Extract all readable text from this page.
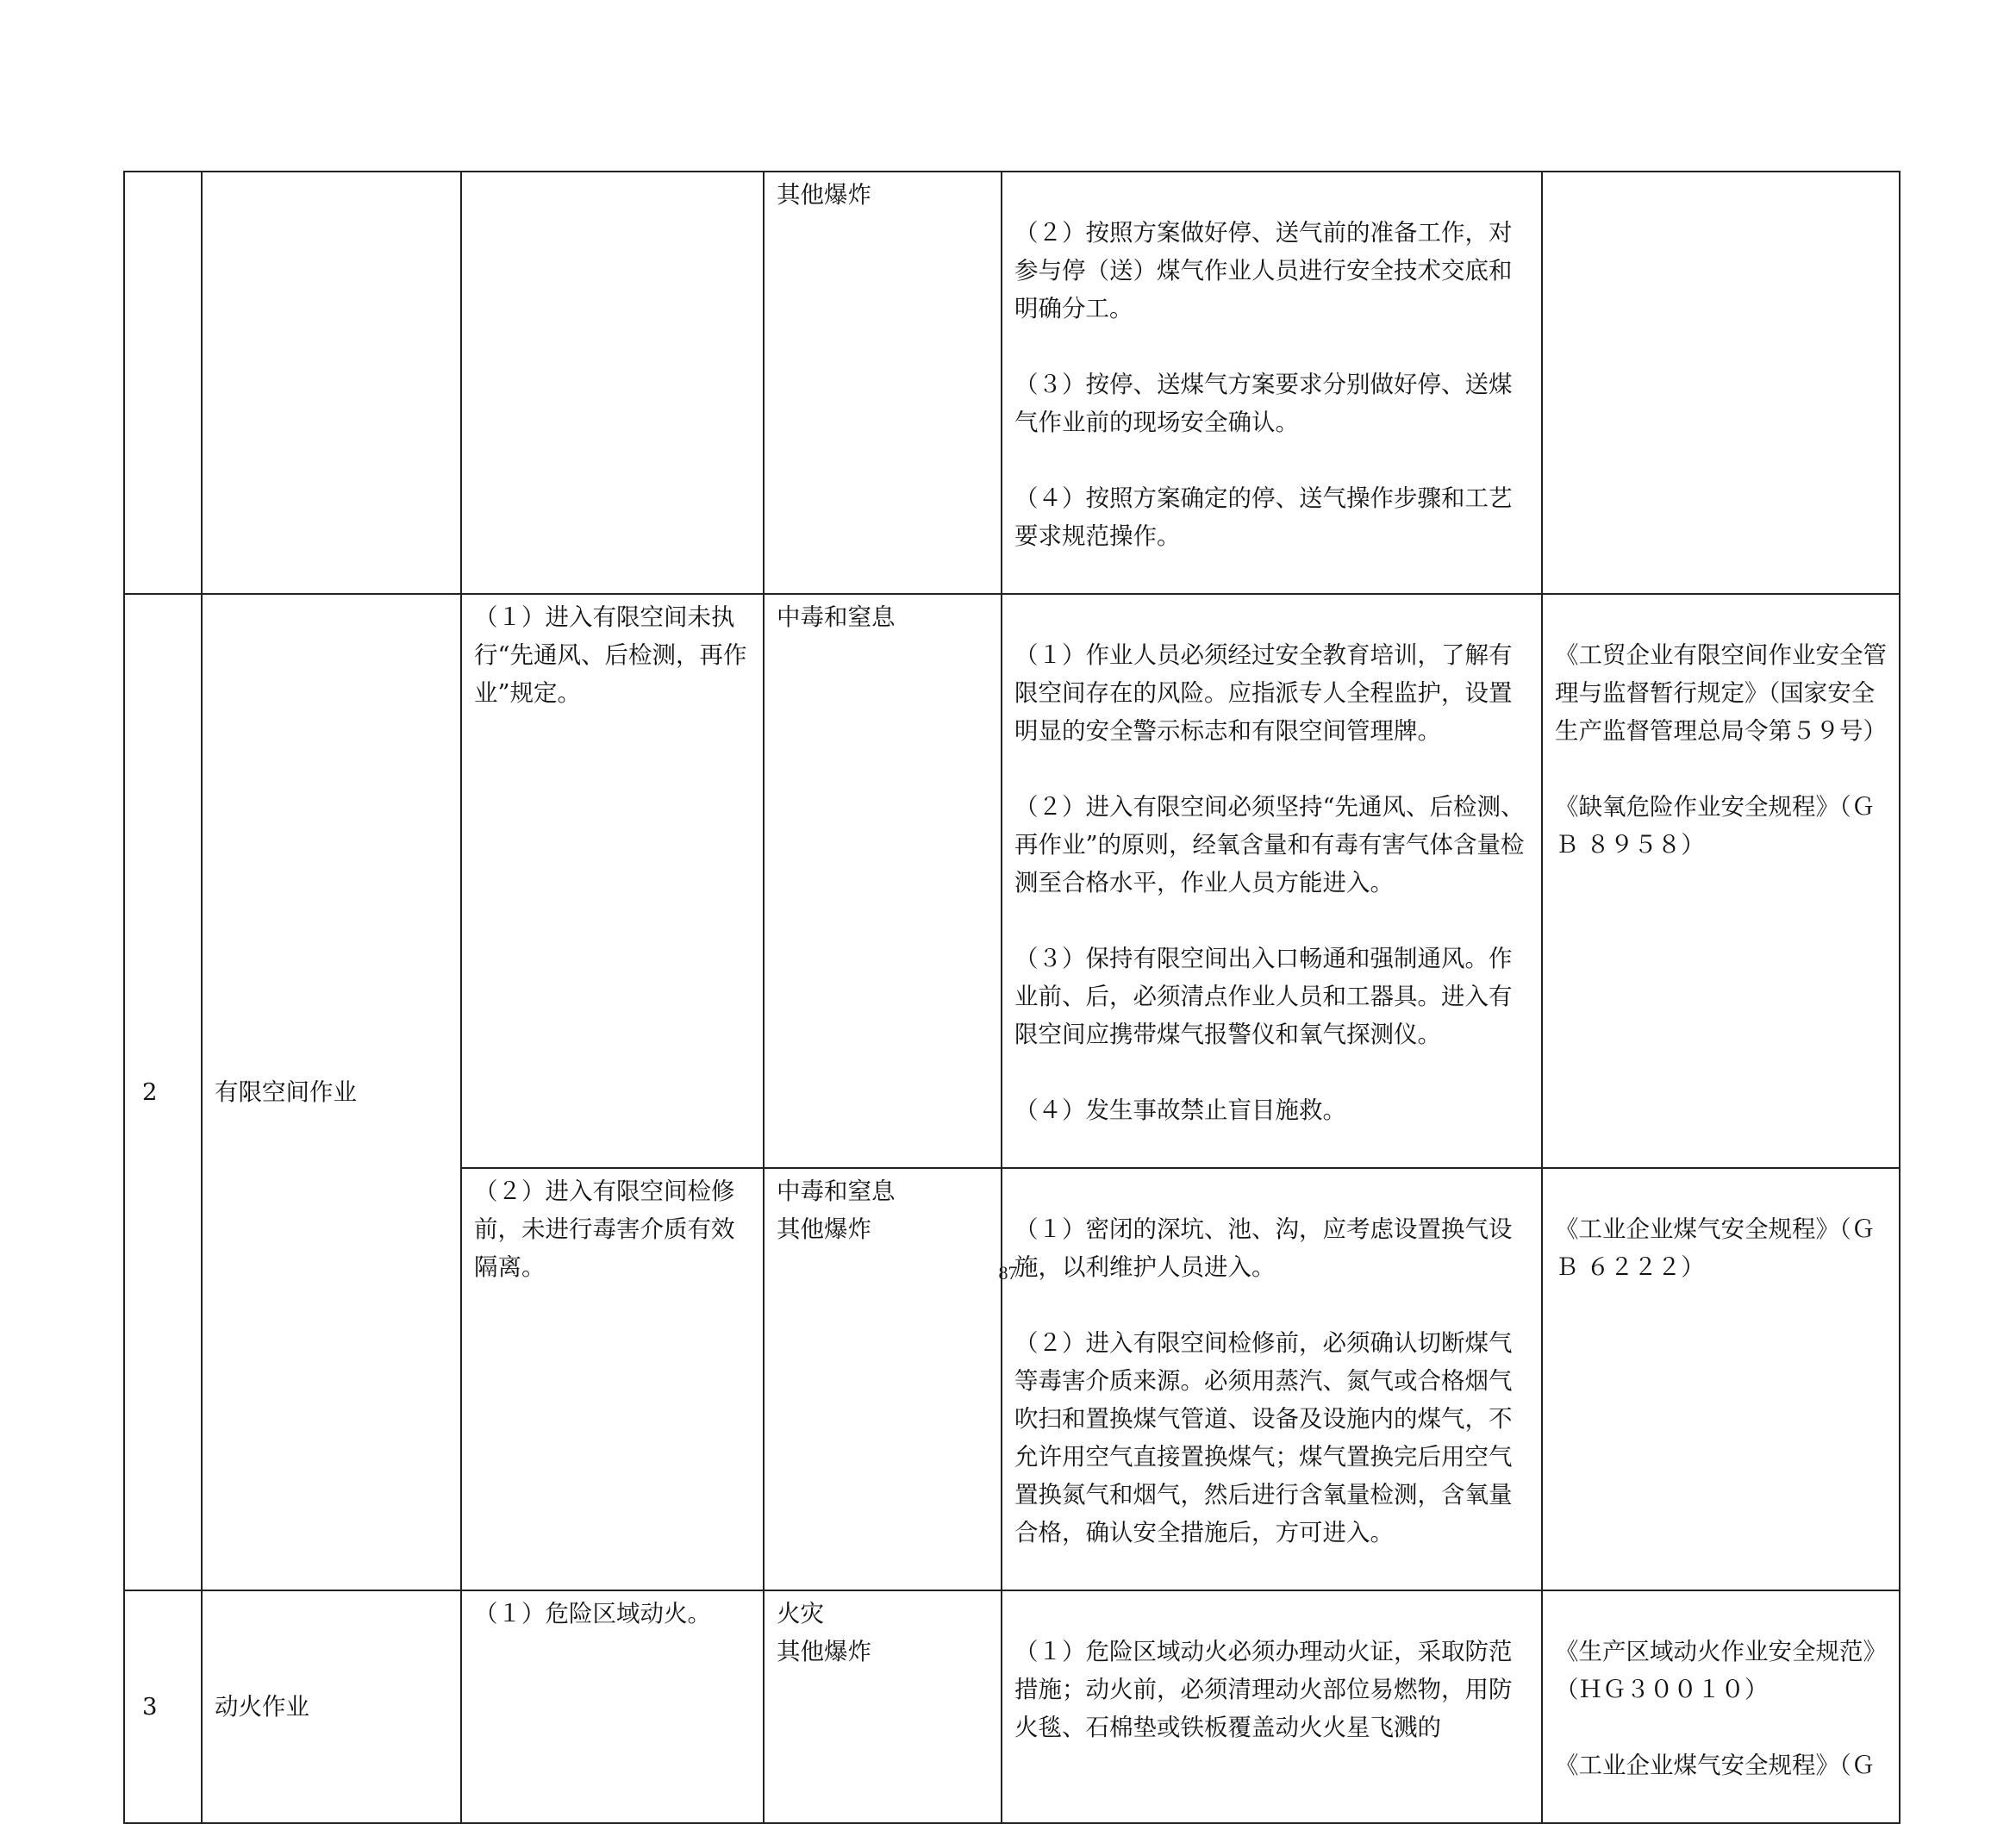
			其他爆炸	（２）按照方案做好停、送气前的准备工作，对参与停（送）煤气作业人员进行安全技术交底和明确分工。

（３）按停、送煤气方案要求分别做好停、送煤气作业前的现场安全确认。

（４）按照方案确定的停、送气操作步骤和工艺要求规范操作。	

2	有限空间作业	（１）进入有限空间未执行“先通风、后检测，再作业”规定。	中毒和窒息	（１）作业人员必须经过安全教育培训，了解有限空间存在的风险。应指派专人全程监护，设置明显的安全警示标志和有限空间管理牌。

（２）进入有限空间必须坚持“先通风、后检测、再作业”的原则，经氧含量和有毒有害气体含量检测至合格水平，作业人员方能进入。

（３）保持有限空间出入口畅通和强制通风。作业前、后，必须清点作业人员和工器具。进入有限空间应携带煤气报警仪和氧气探测仪。

（４）发生事故禁止盲目施救。	《工贸企业有限空间作业安全管理与监督暂行规定》（国家安全生产监督管理总局令第５９号）

《缺氧危险作业安全规程》（ＧＢ ８９５８）

		（２）进入有限空间检修前，未进行毒害介质有效隔离。	中毒和窒息
其他爆炸	（１）密闭的深坑、池、沟，应考虑设置换气设施，以利维护人员进入。

（２）进入有限空间检修前，必须确认切断煤气等毒害介质来源。必须用蒸汽、氮气或合格烟气吹扫和置换煤气管道、设备及设施内的煤气，不允许用空气直接置换煤气；煤气置换完后用空气置换氮气和烟气，然后进行含氧量检测，含氧量合格，确认安全措施后，方可进入。	《工业企业煤气安全规程》（ＧＢ ６２２２）

3	动火作业	（１）危险区域动火。	火灾
其他爆炸	（１）危险区域动火必须办理动火证，采取防范措施；动火前，必须清理动火部位易燃物，用防火毯、石棉垫或铁板覆盖动火火星飞溅的	《生产区域动火作业安全规范》（ＨＧ３００１０）

《工业企业煤气安全规程》（Ｇ

87
